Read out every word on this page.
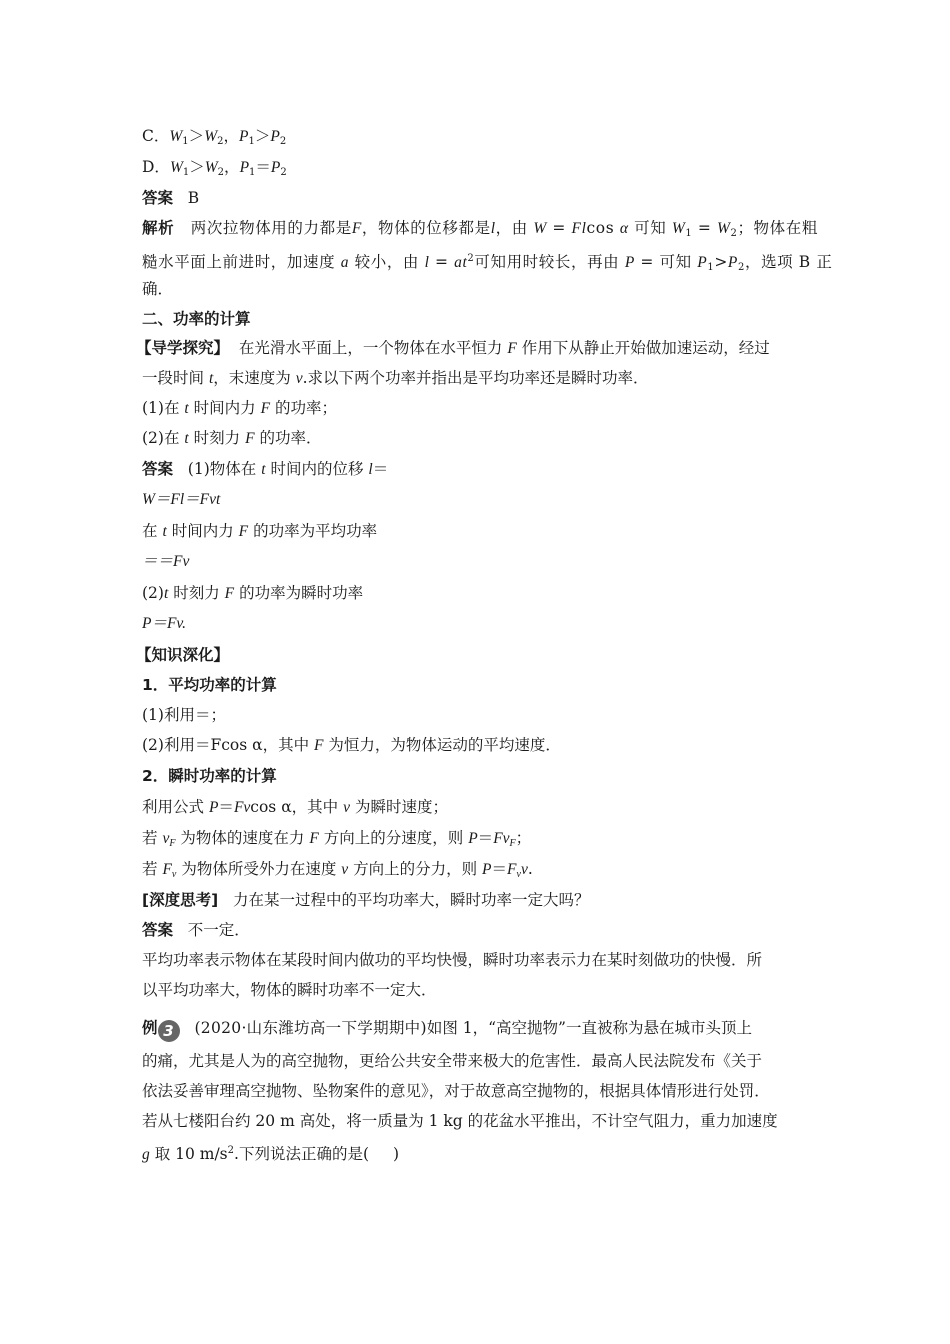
C．$W_1>W_2$，$P_1>P_2$
D．$W_1>W_2$，$P_1=P_2$
答案 B
解析 两次拉物体用的力都是F，物体的位移都是l，由 W = Flcos α 可知 $W_1 = W_2$；物体在粗
糙水平面上前进时，加速度 a 较小，由 $l = at^2$可知用时较长，再由 P = 可知 $P_1>P_2$，选项 B 正
确．
二、功率的计算
【导学探究】 在光滑水平面上，一个物体在水平恒力 F 作用下从静止开始做加速运动，经过
一段时间 t，末速度为 v.求以下两个功率并指出是平均功率还是瞬时功率．
(1)在 t 时间内力 F 的功率；
(2)在 t 时刻力 F 的功率．
答案 (1)物体在 t 时间内的位移 l＝
W＝Fl＝Fvt
在 t 时间内力 F 的功率为平均功率
＝＝Fv
(2)t 时刻力 F 的功率为瞬时功率
P＝Fv.
【知识深化】
1．平均功率的计算
(1)利用＝；
(2)利用＝Fcos α，其中 F 为恒力，为物体运动的平均速度．
2．瞬时功率的计算
利用公式 P＝Fvcos α，其中 v 为瞬时速度；
若 $v_F$ 为物体的速度在力 F 方向上的分速度，则 $P=Fv_F$；
若 $F_v$ 为物体所受外力在速度 v 方向上的分力，则 $P=F_vv$.
[深度思考] 力在某一过程中的平均功率大，瞬时功率一定大吗？
答案 不一定．
平均功率表示物体在某段时间内做功的平均快慢，瞬时功率表示力在某时刻做功的快慢．所
以平均功率大，物体的瞬时功率不一定大．
例 3 (2020·山东潍坊高一下学期期中)如图 1，“高空抛物”一直被称为悬在城市头顶上
的痛，尤其是人为的高空抛物，更给公共安全带来极大的危害性．最高人民法院发布《关于
依法妥善审理高空抛物、坠物案件的意见》，对于故意高空抛物的，根据具体情形进行处罚．
若从七楼阳台约 20 m 高处，将一质量为 1 kg 的花盆水平推出，不计空气阻力，重力加速度
g 取 10 $m/s^2$.下列说法正确的是( )
